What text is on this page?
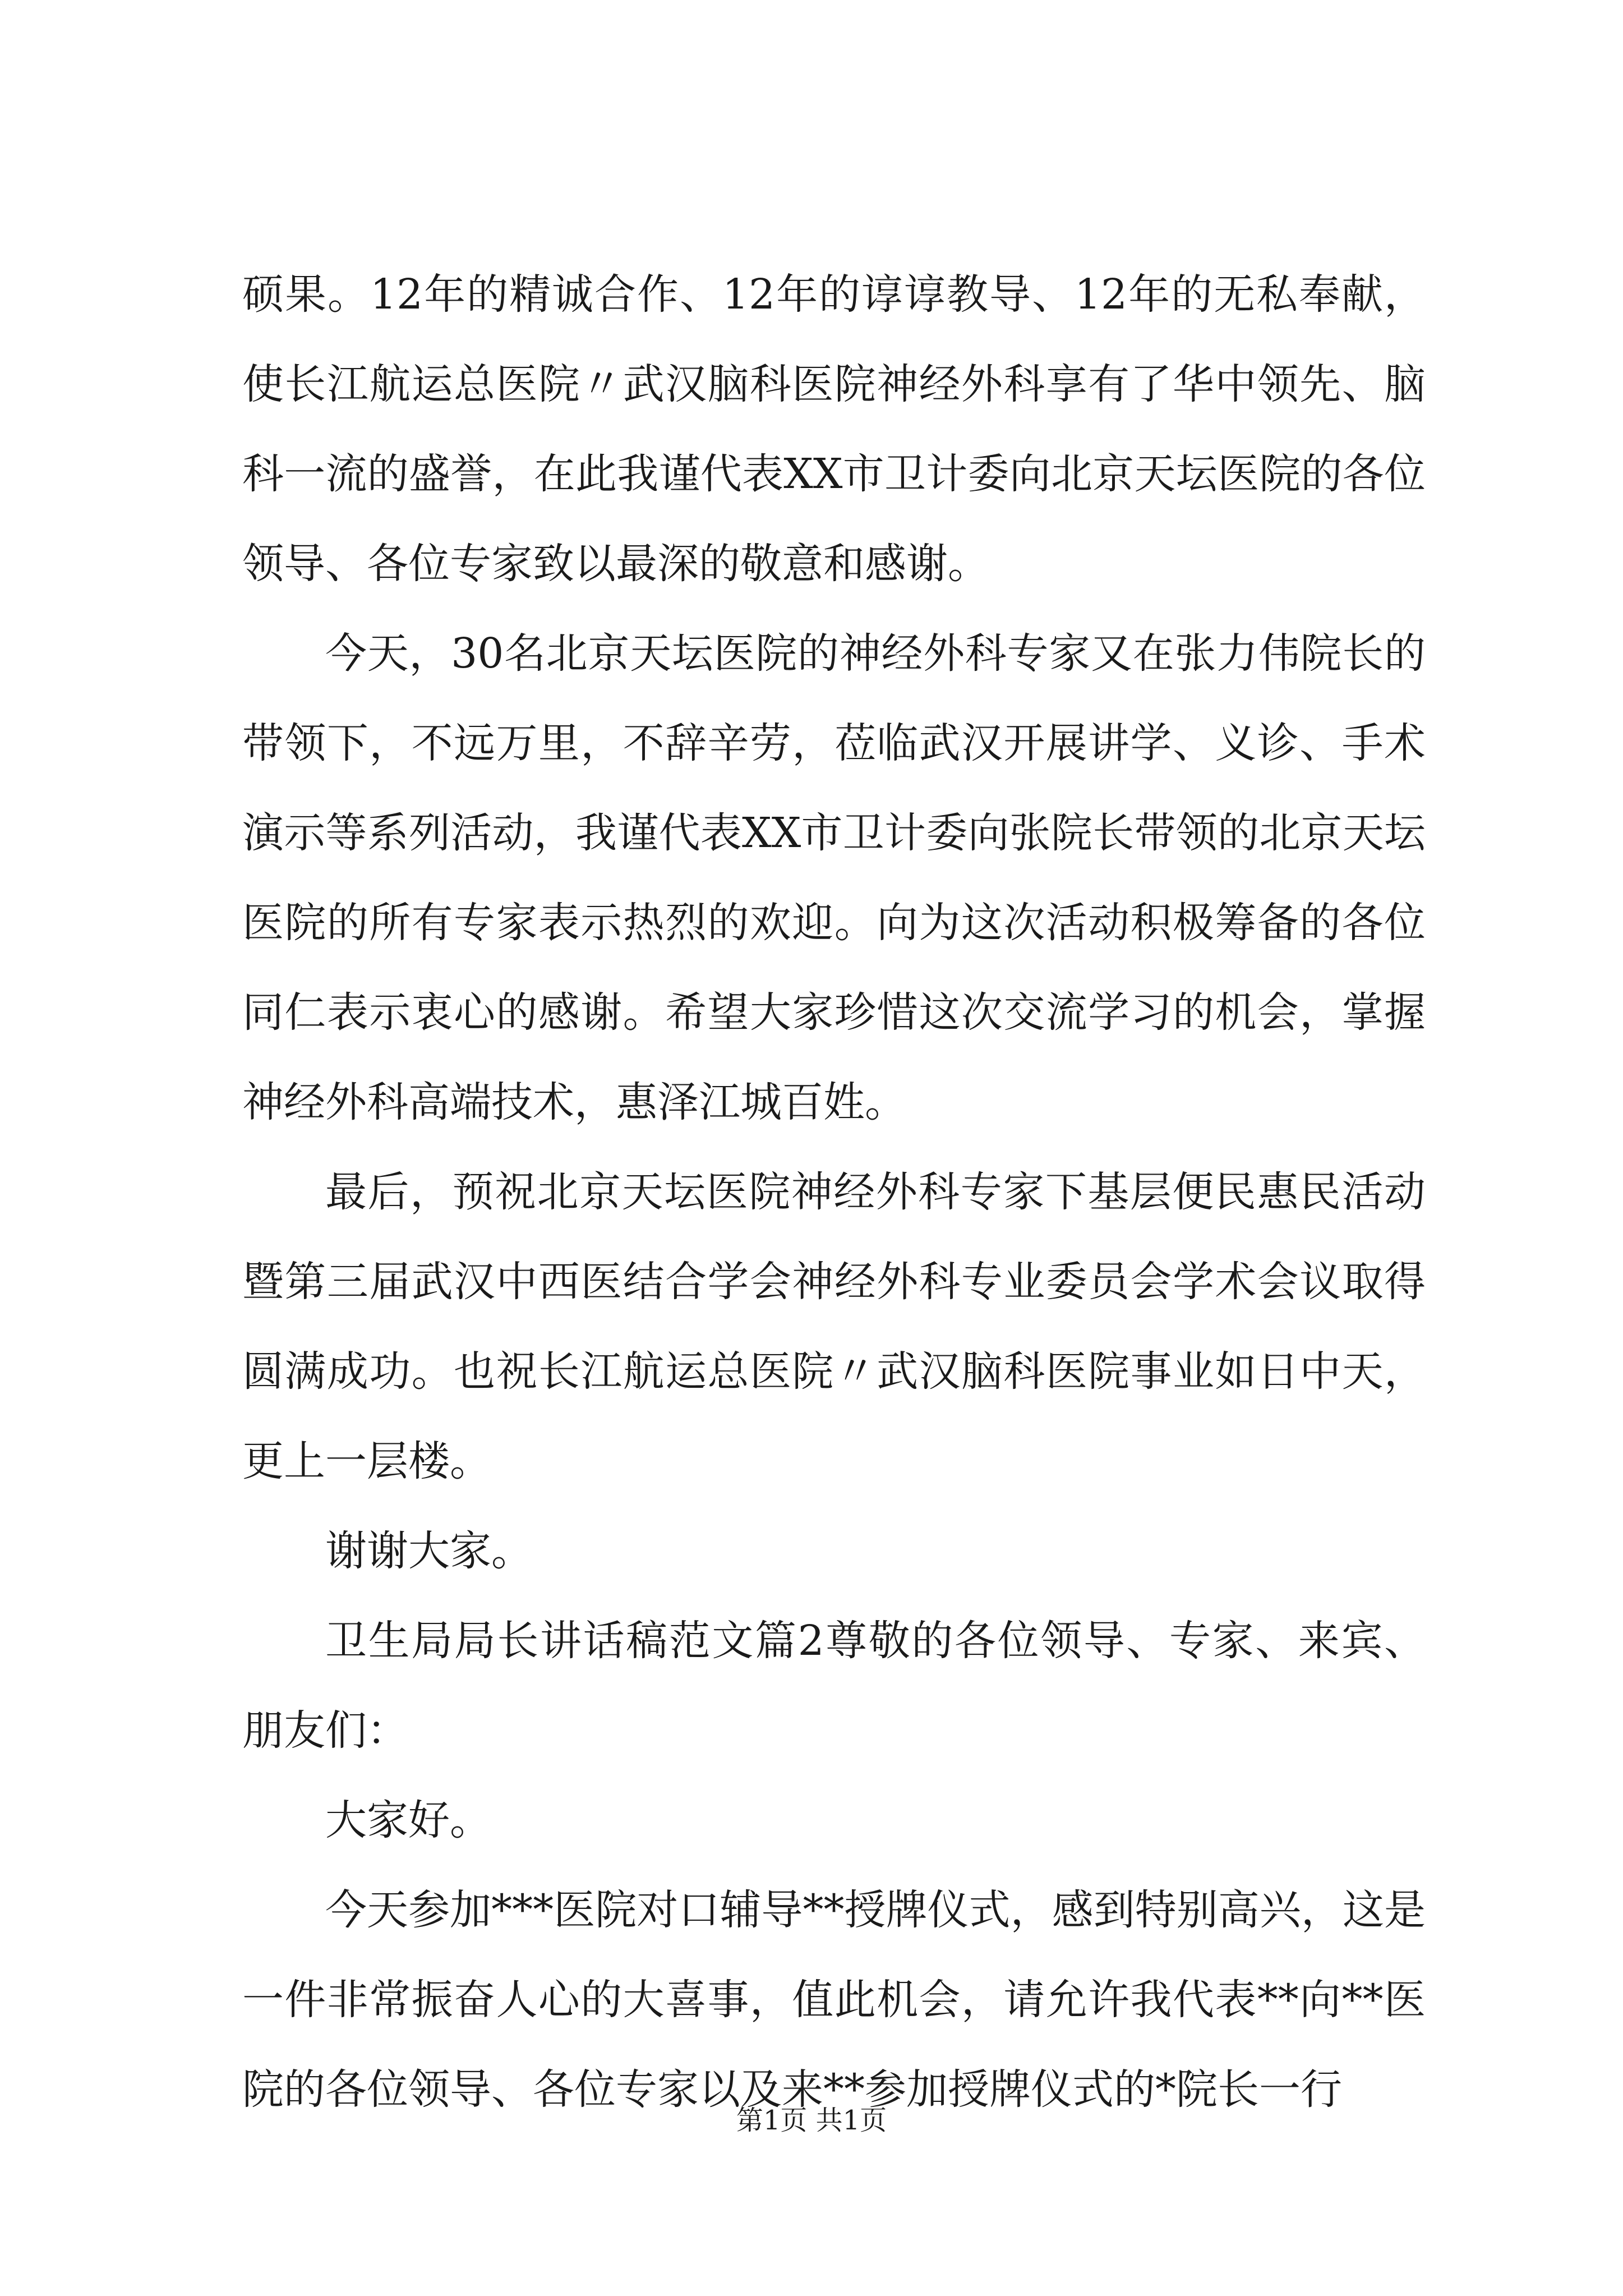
硕果。12年的精诚合作、12年的谆谆教导、12年的无私奉献，使长江航运总医院〃武汉脑科医院神经外科享有了华中领先、脑科一流的盛誉，在此我谨代表XX市卫计委向北京天坛医院的各位领导、各位专家致以最深的敬意和感谢。

今天，30名北京天坛医院的神经外科专家又在张力伟院长的带领下，不远万里，不辞辛劳，莅临武汉开展讲学、义诊、手术演示等系列活动，我谨代表XX市卫计委向张院长带领的北京天坛医院的所有专家表示热烈的欢迎。向为这次活动积极筹备的各位同仁表示衷心的感谢。希望大家珍惜这次交流学习的机会，掌握神经外科高端技术，惠泽江城百姓。

最后，预祝北京天坛医院神经外科专家下基层便民惠民活动暨第三届武汉中西医结合学会神经外科专业委员会学术会议取得圆满成功。也祝长江航运总医院〃武汉脑科医院事业如日中天，更上一层楼。

谢谢大家。

卫生局局长讲话稿范文篇2尊敬的各位领导、专家、来宾、朋友们：

大家好。

今天参加***医院对口辅导**授牌仪式，感到特别高兴，这是一件非常振奋人心的大喜事，值此机会，请允许我代表**向**医院的各位领导、各位专家以及来**参加授牌仪式的*院长一行

第1页 共1页
